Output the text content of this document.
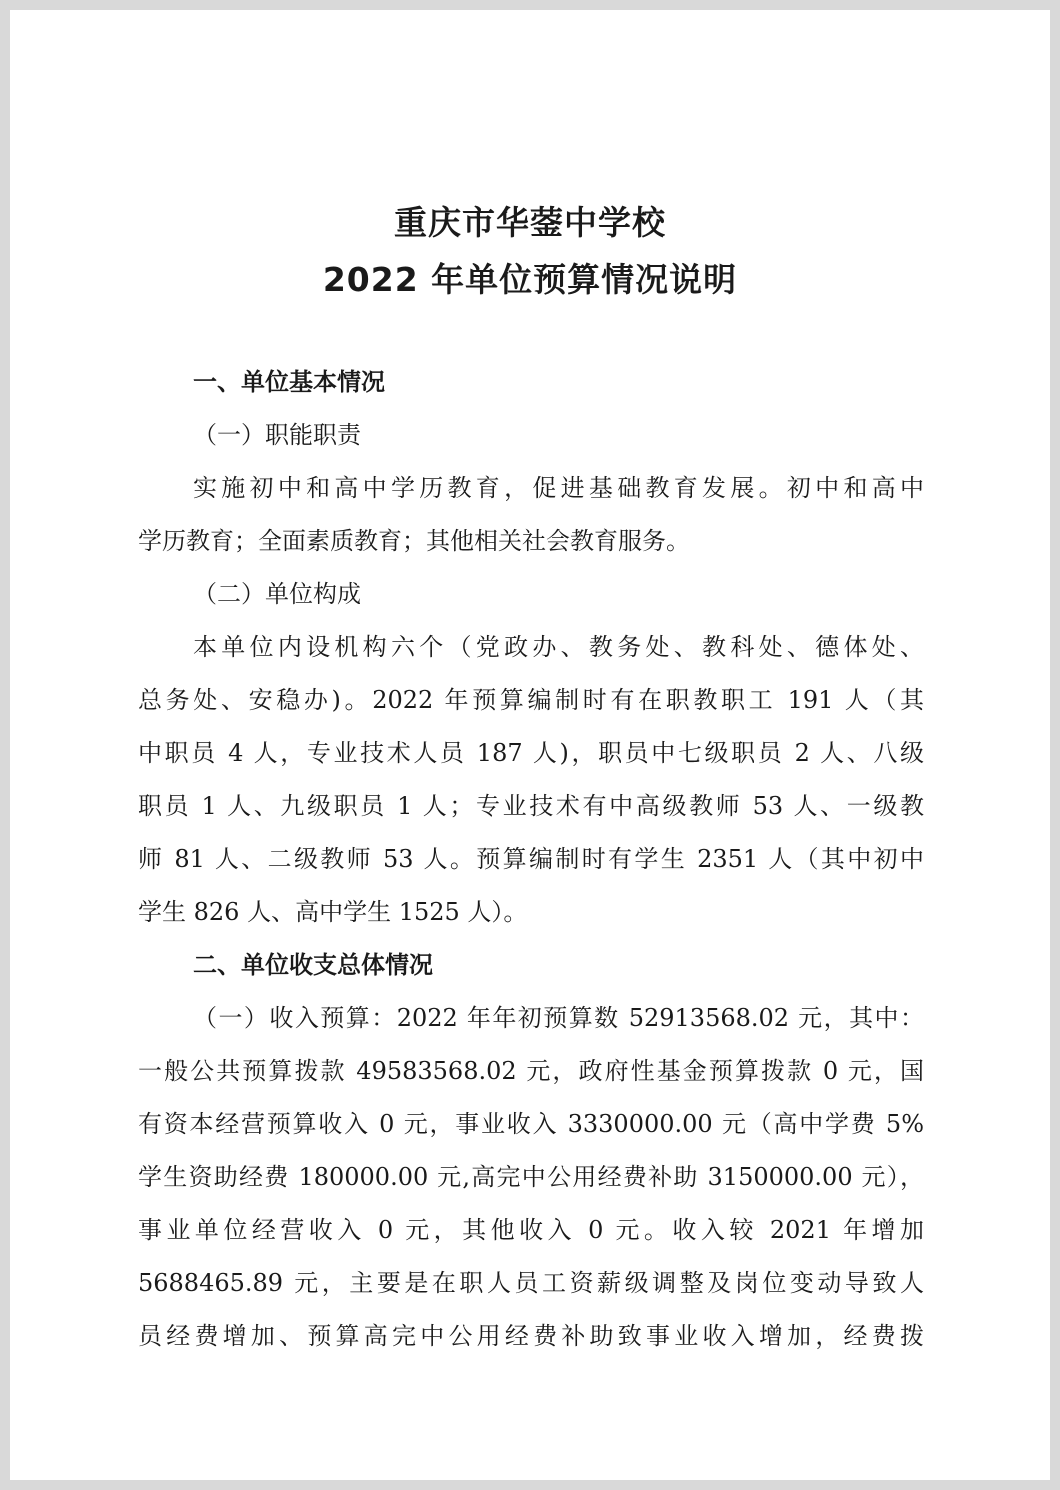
重庆市华蓥中学校
2022 年单位预算情况说明
一、单位基本情况
（一）职能职责
实施初中和高中学历教育，促进基础教育发展。初中和高中
学历教育；全面素质教育；其他相关社会教育服务。
（二）单位构成
本单位内设机构六个（党政办、教务处、教科处、德体处、
总务处、安稳办)。2022 年预算编制时有在职教职工 191 人（其
中职员 4 人，专业技术人员 187 人)，职员中七级职员 2 人、八级
职员 1 人、九级职员 1 人；专业技术有中高级教师 53 人、一级教
师 81 人、二级教师 53 人。预算编制时有学生 2351 人（其中初中
学生 826 人、高中学生 1525 人）。
二、单位收支总体情况
（一）收入预算：2022 年年初预算数 52913568.02 元，其中：
一般公共预算拨款 49583568.02 元，政府性基金预算拨款 0 元，国
有资本经营预算收入 0 元，事业收入 3330000.00 元（高中学费 5%
学生资助经费 180000.00 元,高完中公用经费补助 3150000.00 元），
事业单位经营收入 0 元，其他收入 0 元。收入较 2021 年增加
5688465.89 元，主要是在职人员工资薪级调整及岗位变动导致人
员经费增加、预算高完中公用经费补助致事业收入增加，经费拨
